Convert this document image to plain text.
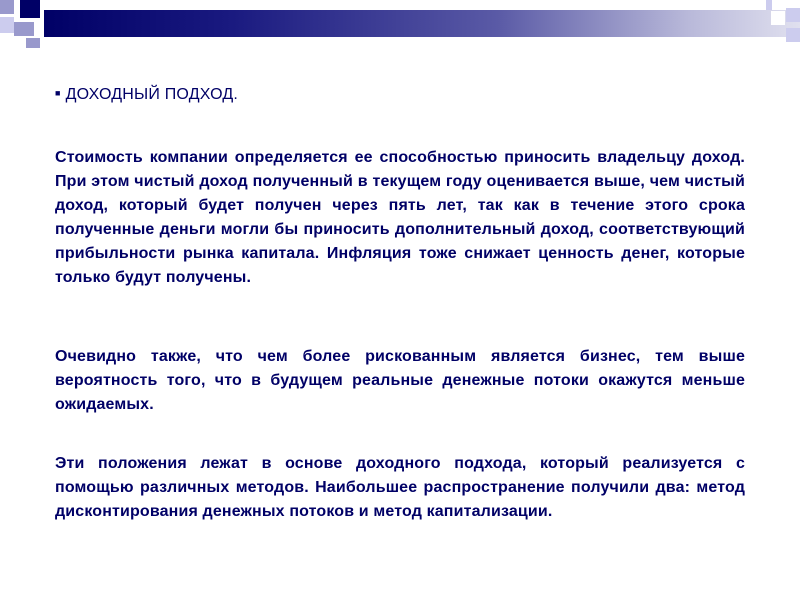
■ ДОХОДНЫЙ ПОДХОД.

Стоимость компании определяется ее способностью приносить владельцу доход. При этом чистый доход полученный в текущем году оценивается выше, чем чистый доход, который будет получен через пять лет, так как в течение этого срока полученные деньги могли бы приносить дополнительный доход, соответствующий прибыльности рынка капитала. Инфляция тоже снижает ценность денег, которые только будут получены.

Очевидно также, что чем более рискованным является бизнес, тем выше вероятность того, что в будущем реальные денежные потоки окажутся меньше ожидаемых.

Эти положения лежат в основе доходного подхода, который реализуется с помощью различных методов. Наибольшее распространение получили два: метод дисконтирования денежных потоков и метод капитализации.
